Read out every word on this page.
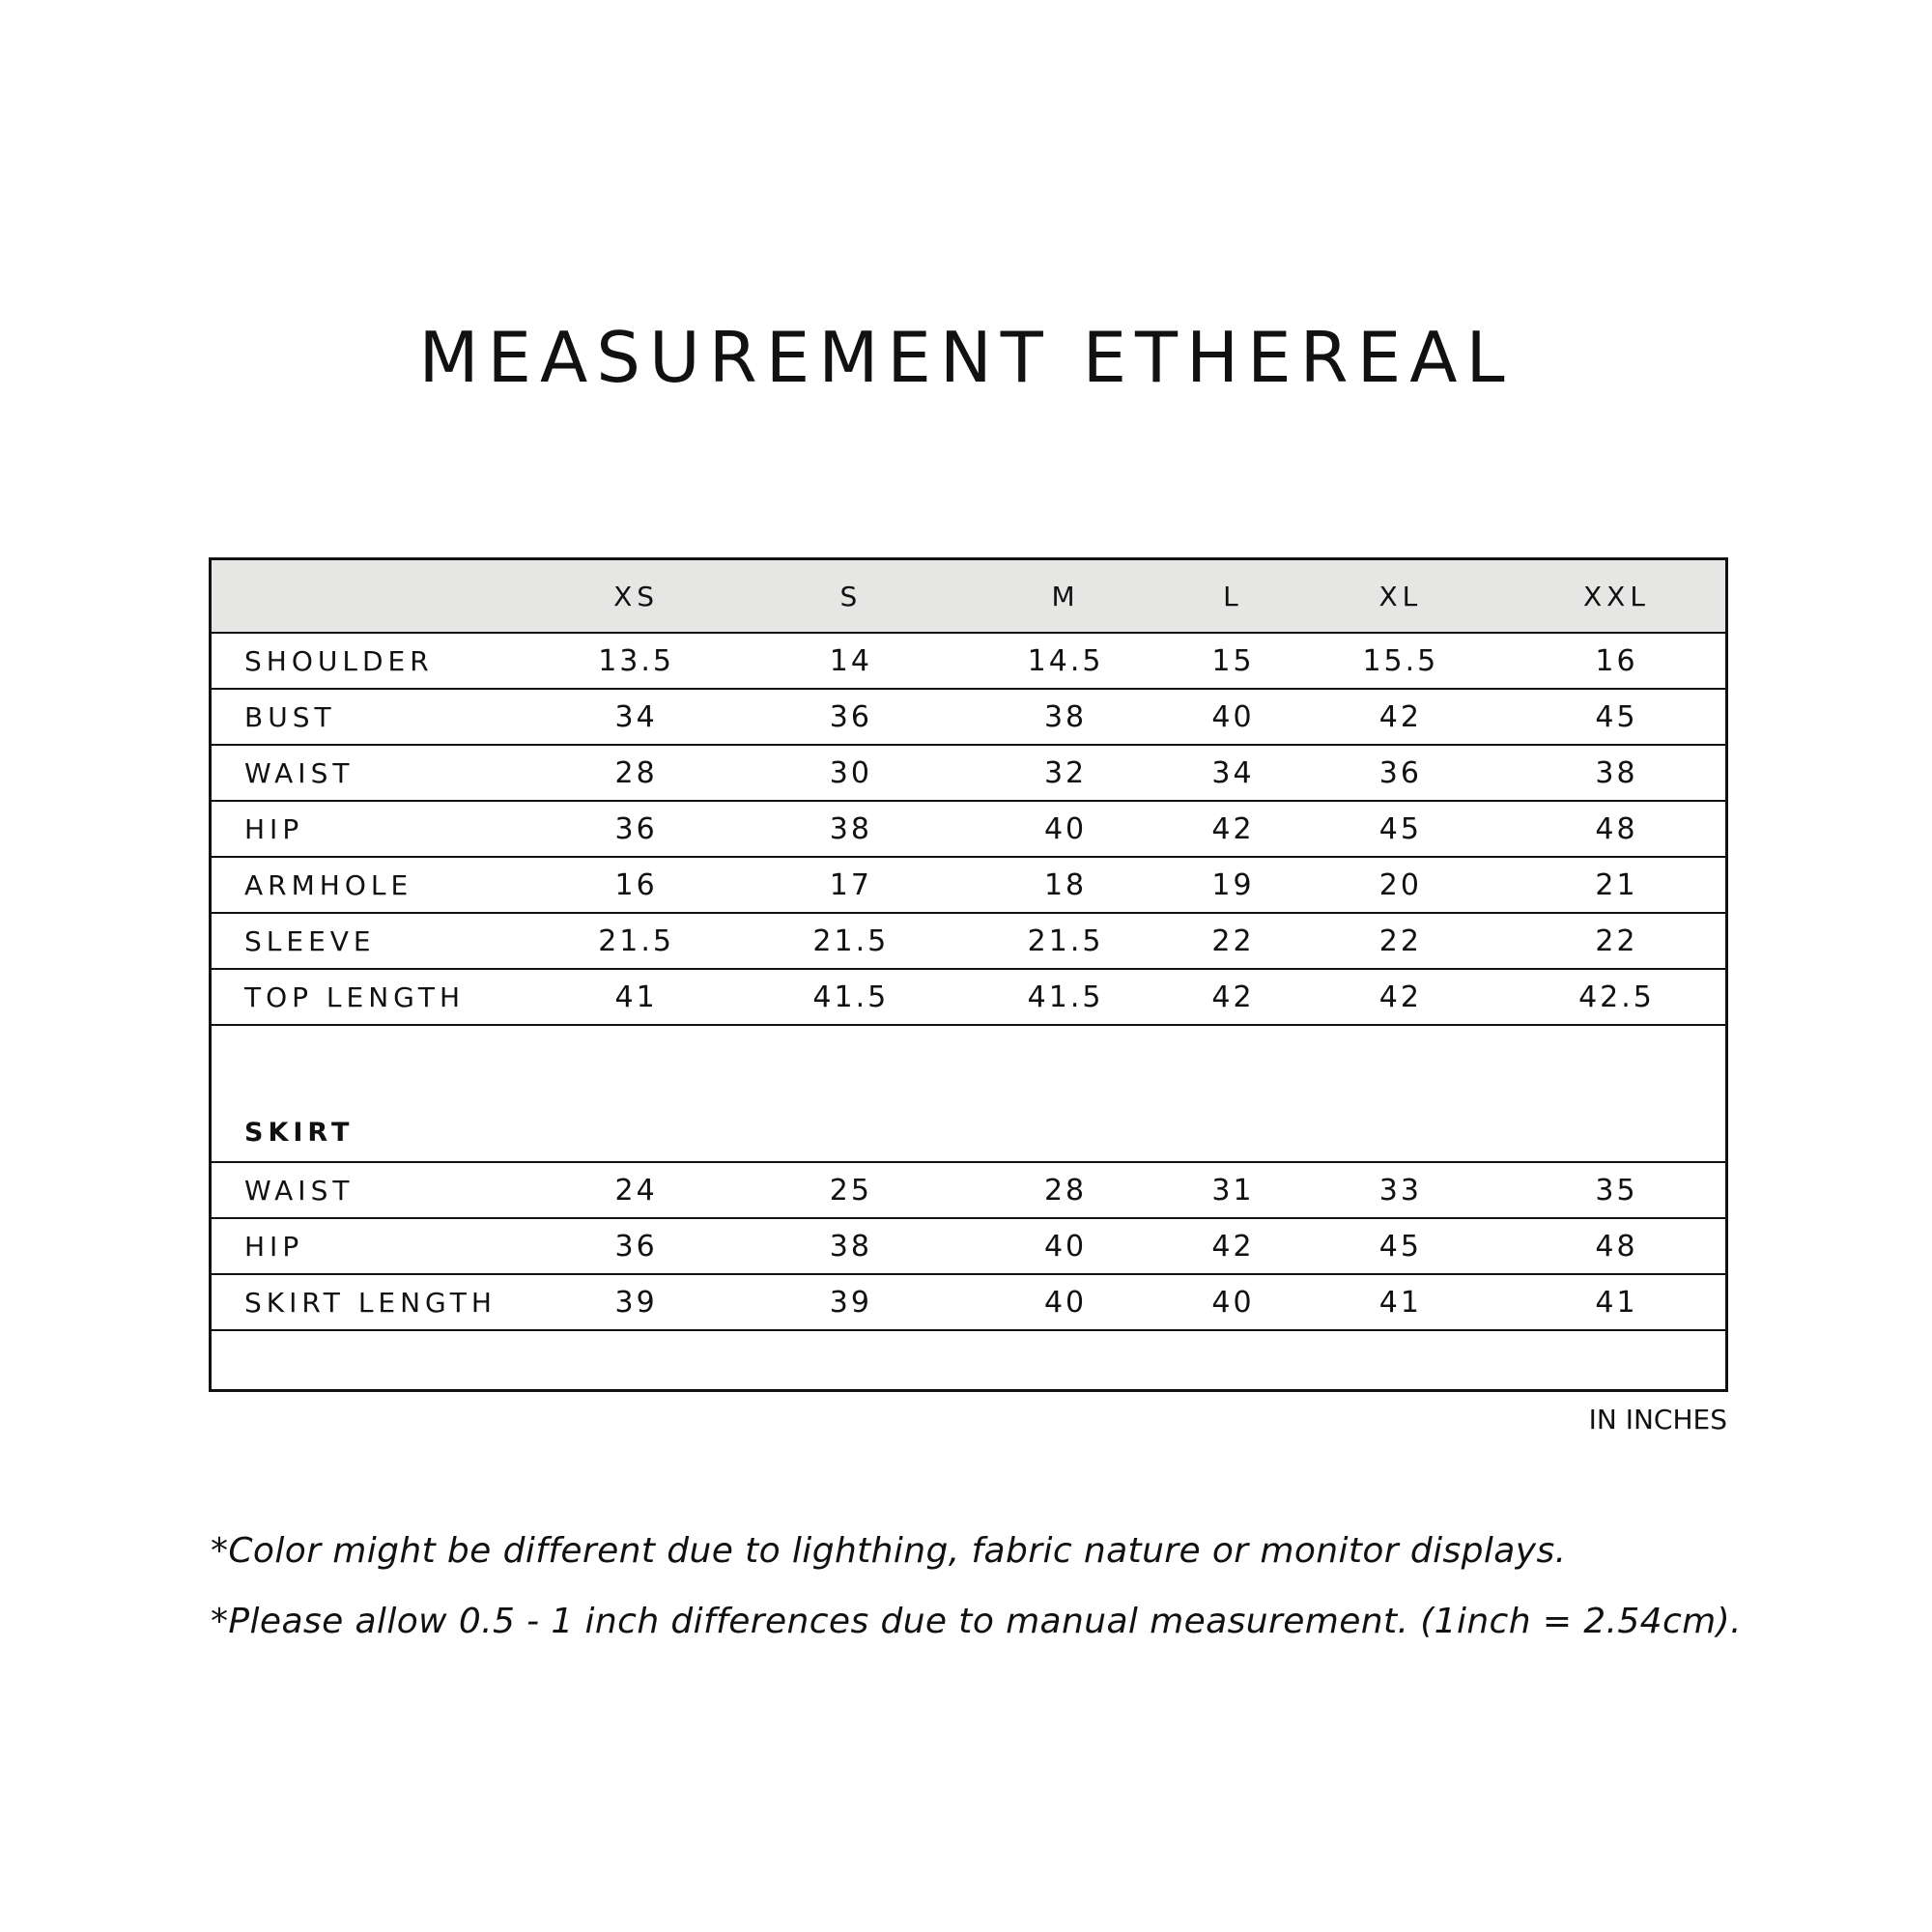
MEASUREMENT ETHEREAL
	XS	S	M	L	XL	XXL
SHOULDER	13.5	14	14.5	15	15.5	16
BUST	34	36	38	40	42	45
WAIST	28	30	32	34	36	38
HIP	36	38	40	42	45	48
ARMHOLE	16	17	18	19	20	21
SLEEVE	21.5	21.5	21.5	22	22	22
TOP LENGTH	41	41.5	41.5	42	42	42.5
SKIRT						
WAIST	24	25	28	31	33	35
HIP	36	38	40	42	45	48
SKIRT LENGTH	39	39	40	40	41	41

IN INCHES
*Color might be different due to lighthing, fabric nature or monitor displays.
*Please allow 0.5 - 1 inch differences due to manual measurement. (1inch = 2.54cm).
